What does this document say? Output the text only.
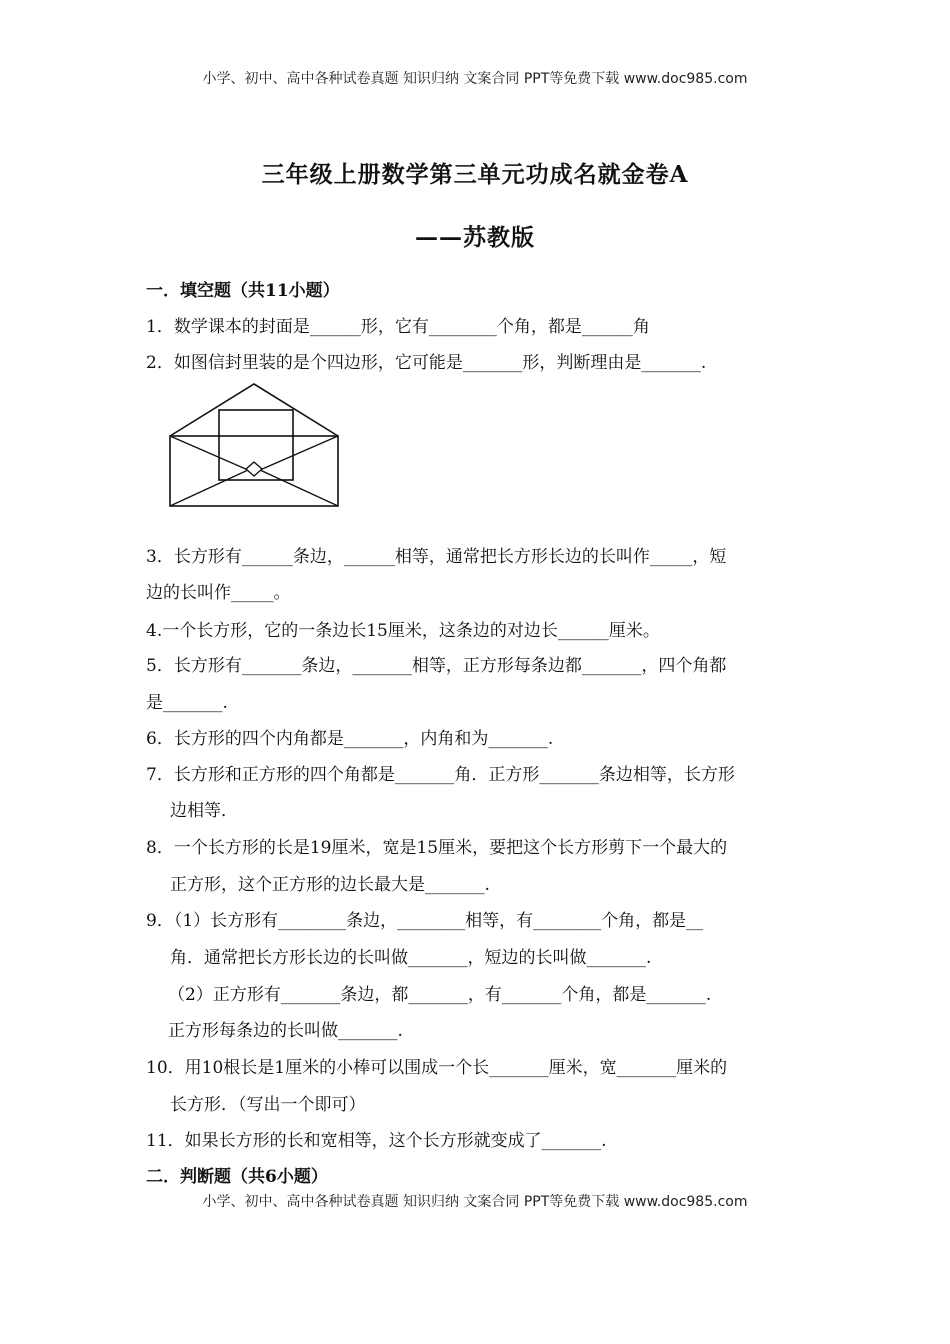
小学、初中、高中各种试卷真题 知识归纳 文案合同 PPT等免费下载 www.doc985.com
三年级上册数学第三单元功成名就金卷A
——苏教版
一．填空题（共11小题）
1．数学课本的封面是______形，它有________个角，都是______角
2．如图信封里装的是个四边形，它可能是_______形，判断理由是_______.
3．长方形有______条边，______相等，通常把长方形长边的长叫作_____，短
边的长叫作_____。
4.一个长方形，它的一条边长15厘米，这条边的对边长______厘米。
5．长方形有_______条边，_______相等，正方形每条边都_______，四个角都
是_______.
6．长方形的四个内角都是_______，内角和为_______.
7．长方形和正方形的四个角都是_______角．正方形_______条边相等，长方形
边相等．
8．一个长方形的长是19厘米，宽是15厘米，要把这个长方形剪下一个最大的
正方形，这个正方形的边长最大是_______.
9．（1）长方形有________条边，________相等，有________个角，都是__
角．通常把长方形长边的长叫做_______，短边的长叫做_______.
（2）正方形有_______条边，都_______，有_______个角，都是_______.
正方形每条边的长叫做_______.
10．用10根长是1厘米的小棒可以围成一个长_______厘米，宽_______厘米的
长方形．（写出一个即可）
11．如果长方形的长和宽相等，这个长方形就变成了_______.
二．判断题（共6小题）
小学、初中、高中各种试卷真题 知识归纳 文案合同 PPT等免费下载 www.doc985.com
